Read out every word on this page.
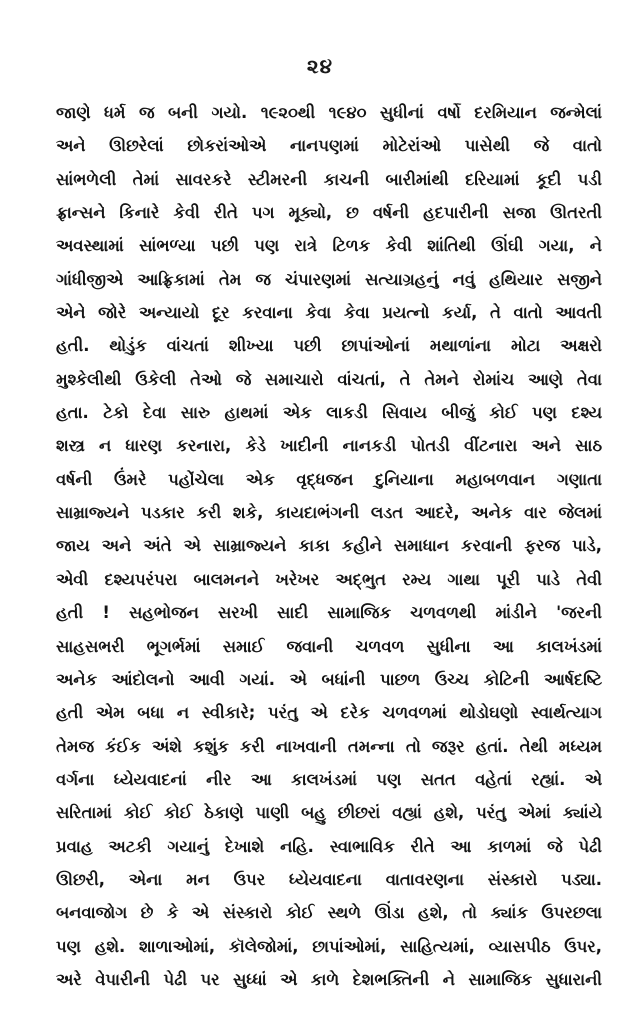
૨૪
જાણે ધર્મ જ બની ગયો. ૧૯૨૦થી ૧૯૪૦ સુધીનાં વર્ષો દરમિયાન જન્મેલાં
અને ઊછરેલાં છોકરાંઓએ નાનપણમાં મોટેરાંઓ પાસેથી જે વાતો
સાંભળેલી તેમાં સાવરકરે સ્ટીમરની કાચની બારીમાંથી દરિયામાં કૂદી પડી
ફ્રાન્સને કિનારે કેવી રીતે પગ મૂક્યો, છ વર્ષની હદપારીની સજા ઊતરતી
અવસ્થામાં સાંભળ્યા પછી પણ રાત્રે ટિળક કેવી શાંતિથી ઊંઘી ગયા, ને
ગાંધીજીએ આફ્રિકામાં તેમ જ ચંપારણમાં સત્યાગ્રહનું નવું હથિયાર સજીને
એને જોરે અન્યાયો દૂર કરવાના કેવા કેવા પ્રયત્નો કર્યા, તે વાતો આવતી
હતી. થોડુંક વાંચતાં શીખ્યા પછી છાપાંઓનાં મથાળાંના મોટા અક્ષરો
મુશ્કેલીથી ઉકેલી તેઓ જે સમાચારો વાંચતાં, તે તેમને રોમાંચ આણે તેવા
હતા. ટેકો દેવા સારુ હાથમાં એક લાકડી સિવાય બીજું કોઈ પણ દશ્ય
શસ્ત્ર ન ધારણ કરનારા, કેડે ખાદીની નાનકડી પોતડી વીંટનારા અને સાઠ
વર્ષની ઉંમરે પહોંચેલા એક વૃદ્ધજન દુનિયાના મહાબળવાન ગણાતા
સામ્રાજ્યને પડકાર કરી શકે, કાયદાભંગની લડત આદરે, અનેક વાર જેલમાં
જાય અને અંતે એ સામ્રાજ્યને કાકા કહીને સમાધાન કરવાની ફરજ પાડે,
એવી દશ્યપરંપરા બાલમનને ખરેખર અદ્ભુત રમ્ય ગાથા પૂરી પાડે તેવી
હતી ! સહભોજન સરખી સાદી સામાજિક ચળવળથી માંડીને 'જરની
સાહસભરી ભૂગર્ભમાં સમાઈ જવાની ચળવળ સુધીના આ કાલખંડમાં
અનેક આંદોલનો આવી ગયાં. એ બધાંની પાછળ ઉચ્ચ કોટિની આર્ષદષ્ટિ
હતી એમ બધા ન સ્વીકારે; પરંતુ એ દરેક ચળવળમાં થોડોઘણો સ્વાર્થત્યાગ
તેમજ કંઈક અંશે કશુંક કરી નાખવાની તમન્ના તો જરૂર હતાં. તેથી મધ્યમ
વર્ગના ધ્યેયવાદનાં નીર આ કાલખંડમાં પણ સતત વહેતાં રહ્યાં. એ
સરિતામાં કોઈ કોઈ ઠેકાણે પાણી બહુ છીછરાં વહ્યાં હશે, પરંતુ એમાં ક્યાંયે
પ્રવાહ અટકી ગયાનું દેખાશે નહિ. સ્વાભાવિક રીતે આ કાળમાં જે પેઢી
ઊછરી, એના મન ઉપર ધ્યેયવાદના વાતાવરણના સંસ્કારો પડ્યા.
બનવાજોગ છે કે એ સંસ્કારો કોઈ સ્થળે ઊંડા હશે, તો ક્યાંક ઉપરછલા
પણ હશે. શાળાઓમાં, કૉલેજોમાં, છાપાંઓમાં, સાહિત્યમાં, વ્યાસપીઠ ઉપર,
અરે વેપારીની પેઢી પર સુધ્ધાં એ કાળે દેશભક્તિની ને સામાજિક સુધારાની
